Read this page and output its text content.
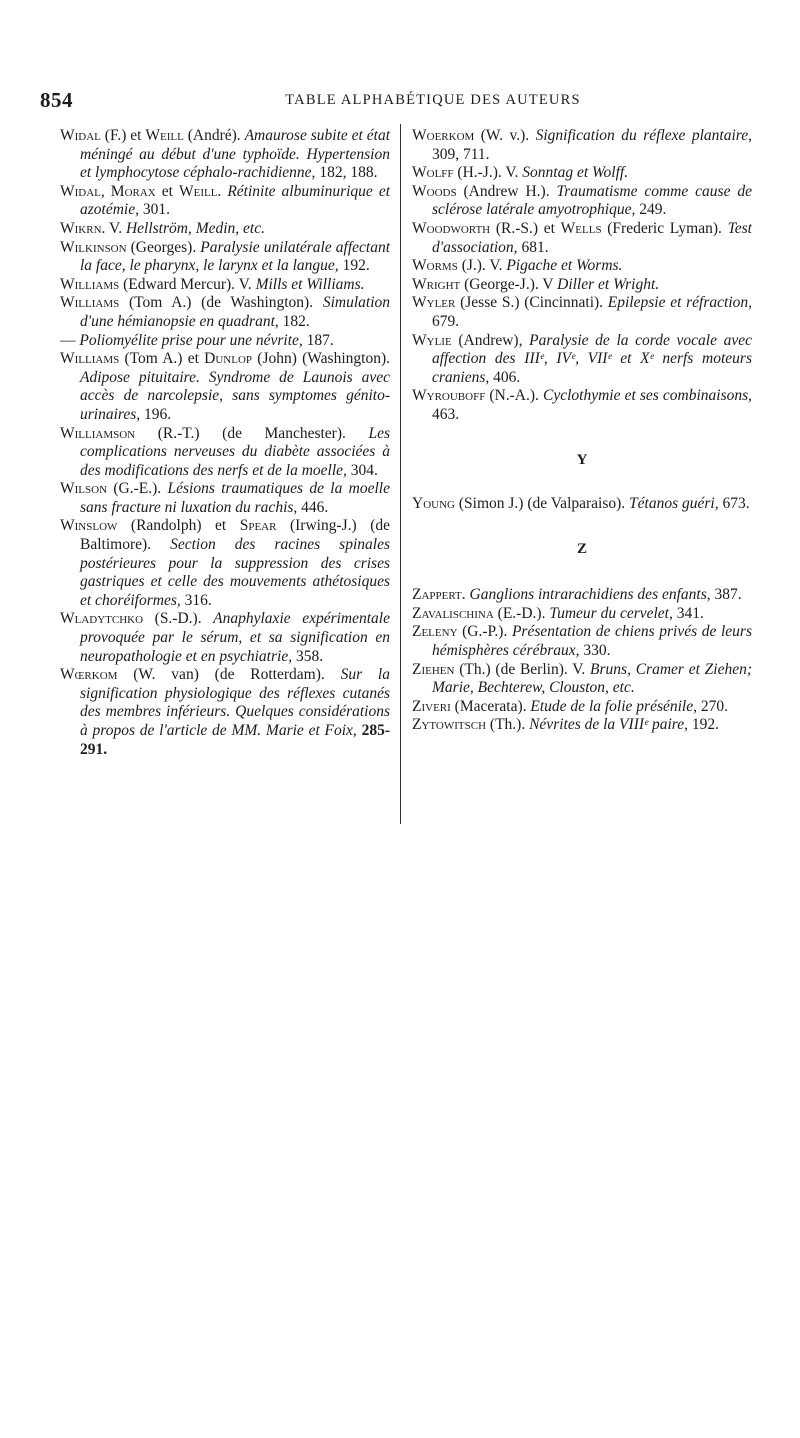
854	TABLE ALPHABÉTIQUE DES AUTEURS

Widal (F.) et Weill (André). Amaurose subite et état méningé au début d'une typhoïde. Hypertension et lymphocytose céphalo-rachidienne, 182, 188.

Widal, Morax et Weill. Rétinite albuminurique et azotémie, 301.

Wikrn. V. Hellström, Medin, etc.

Wilkinson (Georges). Paralysie unilatérale affectant la face, le pharynx, le larynx et la langue, 192.

Williams (Edward Mercur). V. Mills et Williams.

Williams (Tom A.) (de Washington). Simulation d'une hémianopsie en quadrant, 182.

— Poliomyélite prise pour une névrite, 187.

Williams (Tom A.) et Dunlop (John) (Washington). Adipose pituitaire. Syndrome de Launois avec accès de narcolepsie, sans symptomes génito-urinaires, 196.

Williamson (R.-T.) (de Manchester). Les complications nerveuses du diabète associées à des modifications des nerfs et de la moelle, 304.

Wilson (G.-E.). Lésions traumatiques de la moelle sans fracture ni luxation du rachis, 446.

Winslow (Randolph) et Spear (Irwing-J.) (de Baltimore). Section des racines spinales postérieures pour la suppression des crises gastriques et celle des mouvements athétosiques et choréiformes, 316.

Wladytchko (S.-D.). Anaphylaxie expérimentale provoquée par le sérum, et sa signification en neuropathologie et en psychiatrie, 358.

Wœrkom (W. van) (de Rotterdam). Sur la signification physiologique des réflexes cutanés des membres inférieurs. Quelques considérations à propos de l'article de MM. Marie et Foix, 285-291.

Woerkom (W. v.). Signification du réflexe plantaire, 309, 711.

Wolff (H.-J.). V. Sonntag et Wolff.

Woods (Andrew H.). Traumatisme comme cause de sclérose latérale amyotrophique, 249.

Woodworth (R.-S.) et Wells (Frederic Lyman). Test d'association, 681.

Worms (J.). V. Pigache et Worms.

Wright (George-J.). V Diller et Wright.

Wyler (Jesse S.) (Cincinnati). Epilepsie et réfraction, 679.

Wylie (Andrew), Paralysie de la corde vocale avec affection des IIIᵉ, IVᵉ, VIIᵉ et Xᵉ nerfs moteurs craniens, 406.

Wyrouboff (N.-A.). Cyclothymie et ses combinaisons, 463.

Y

Young (Simon J.) (de Valparaiso). Tétanos guéri, 673.

Z

Zappert. Ganglions intrarachidiens des enfants, 387.

Zavalischina (E.-D.). Tumeur du cervelet, 341.

Zeleny (G.-P.). Présentation de chiens privés de leurs hémisphères cérébraux, 330.

Ziehen (Th.) (de Berlin). V. Bruns, Cramer et Ziehen; Marie, Bechterew, Clouston, etc.

Ziveri (Macerata). Etude de la folie présénile, 270.

Zytowitsch (Th.). Névrites de la VIIIᵉ paire, 192.
